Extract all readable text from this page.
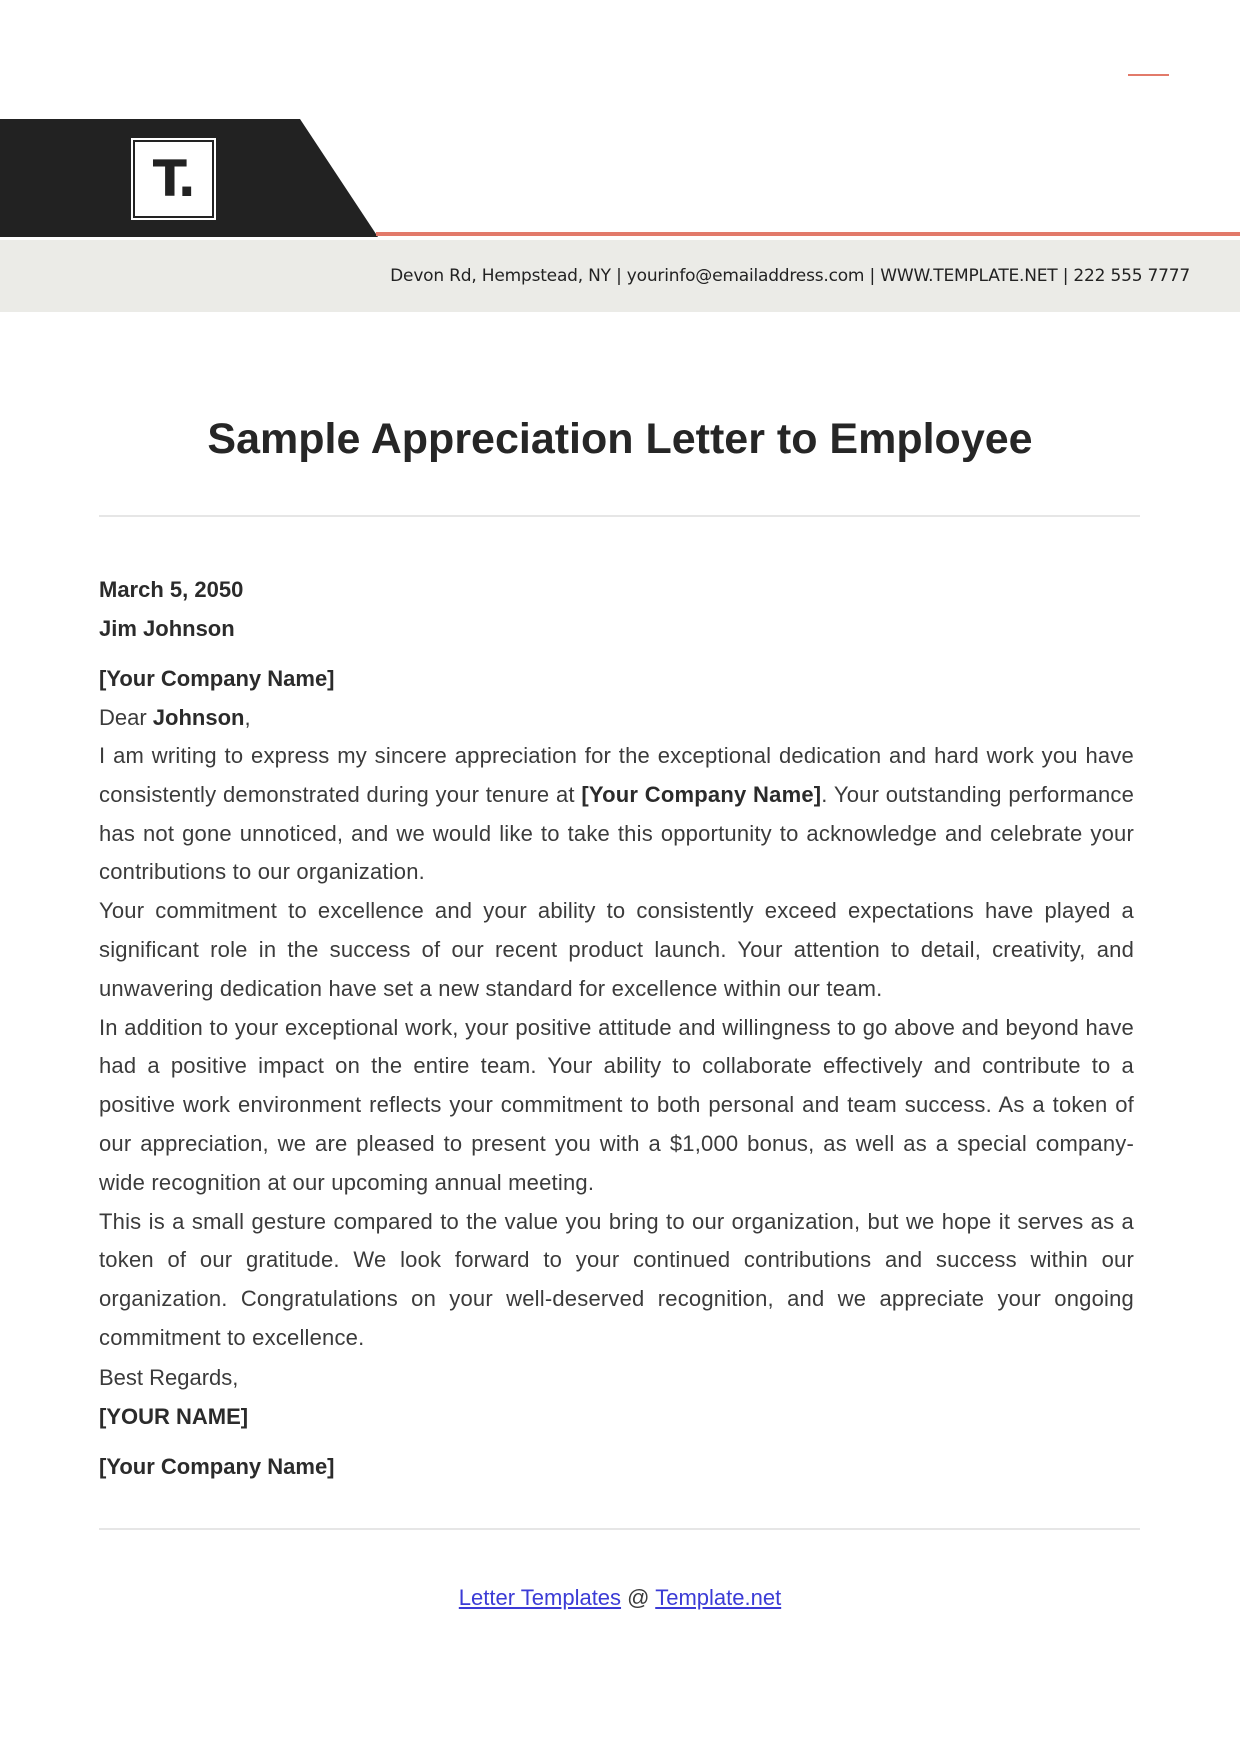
T.
Devon Rd, Hempstead, NY | yourinfo@emailaddress.com | WWW.TEMPLATE.NET | 222 555 7777
Sample Appreciation Letter to Employee
March 5, 2050
Jim Johnson
[Your Company Name]
Dear Johnson,

I am writing to express my sincere appreciation for the exceptional dedication and hard work you have consistently demonstrated during your tenure at [Your Company Name]. Your outstanding performance has not gone unnoticed, and we would like to take this opportunity to acknowledge and celebrate your contributions to our organization.

Your commitment to excellence and your ability to consistently exceed expectations have played a significant role in the success of our recent product launch. Your attention to detail, creativity, and unwavering dedication have set a new standard for excellence within our team.

In addition to your exceptional work, your positive attitude and willingness to go above and beyond have had a positive impact on the entire team. Your ability to collaborate effectively and contribute to a positive work environment reflects your commitment to both personal and team success. As a token of our appreciation, we are pleased to present you with a $1,000 bonus, as well as a special company-wide recognition at our upcoming annual meeting.

This is a small gesture compared to the value you bring to our organization, but we hope it serves as a token of our gratitude. We look forward to your continued contributions and success within our organization. Congratulations on your well-deserved recognition, and we appreciate your ongoing commitment to excellence.

Best Regards,
[YOUR NAME]
[Your Company Name]
Letter Templates @ Template.net
